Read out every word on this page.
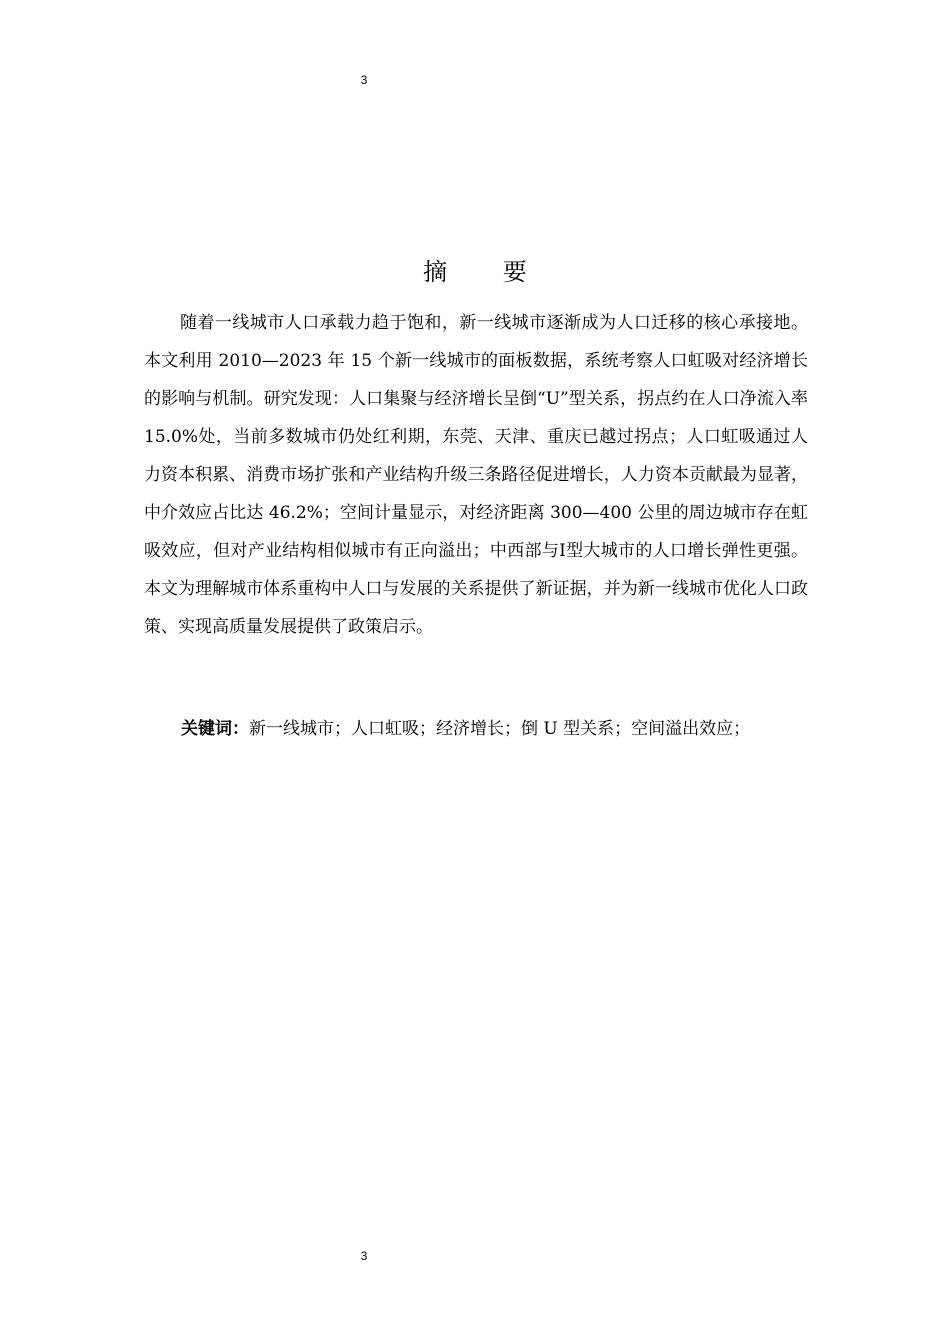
3
摘 要

随着一线城市人口承载力趋于饱和，新一线城市逐渐成为人口迁移的核心承接地。本文利用 2010—2023 年 15 个新一线城市的面板数据，系统考察人口虹吸对经济增长的影响与机制。研究发现：人口集聚与经济增长呈倒“U”型关系，拐点约在人口净流入率 15.0%处，当前多数城市仍处红利期，东莞、天津、重庆已越过拐点；人口虹吸通过人力资本积累、消费市场扩张和产业结构升级三条路径促进增长，人力资本贡献最为显著，中介效应占比达 46.2%；空间计量显示，对经济距离 300—400 公里的周边城市存在虹吸效应，但对产业结构相似城市有正向溢出；中西部与Ⅰ型大城市的人口增长弹性更强。本文为理解城市体系重构中人口与发展的关系提供了新证据，并为新一线城市优化人口政策、实现高质量发展提供了政策启示。

关键词：新一线城市；人口虹吸；经济增长；倒 U 型关系；空间溢出效应；
3
